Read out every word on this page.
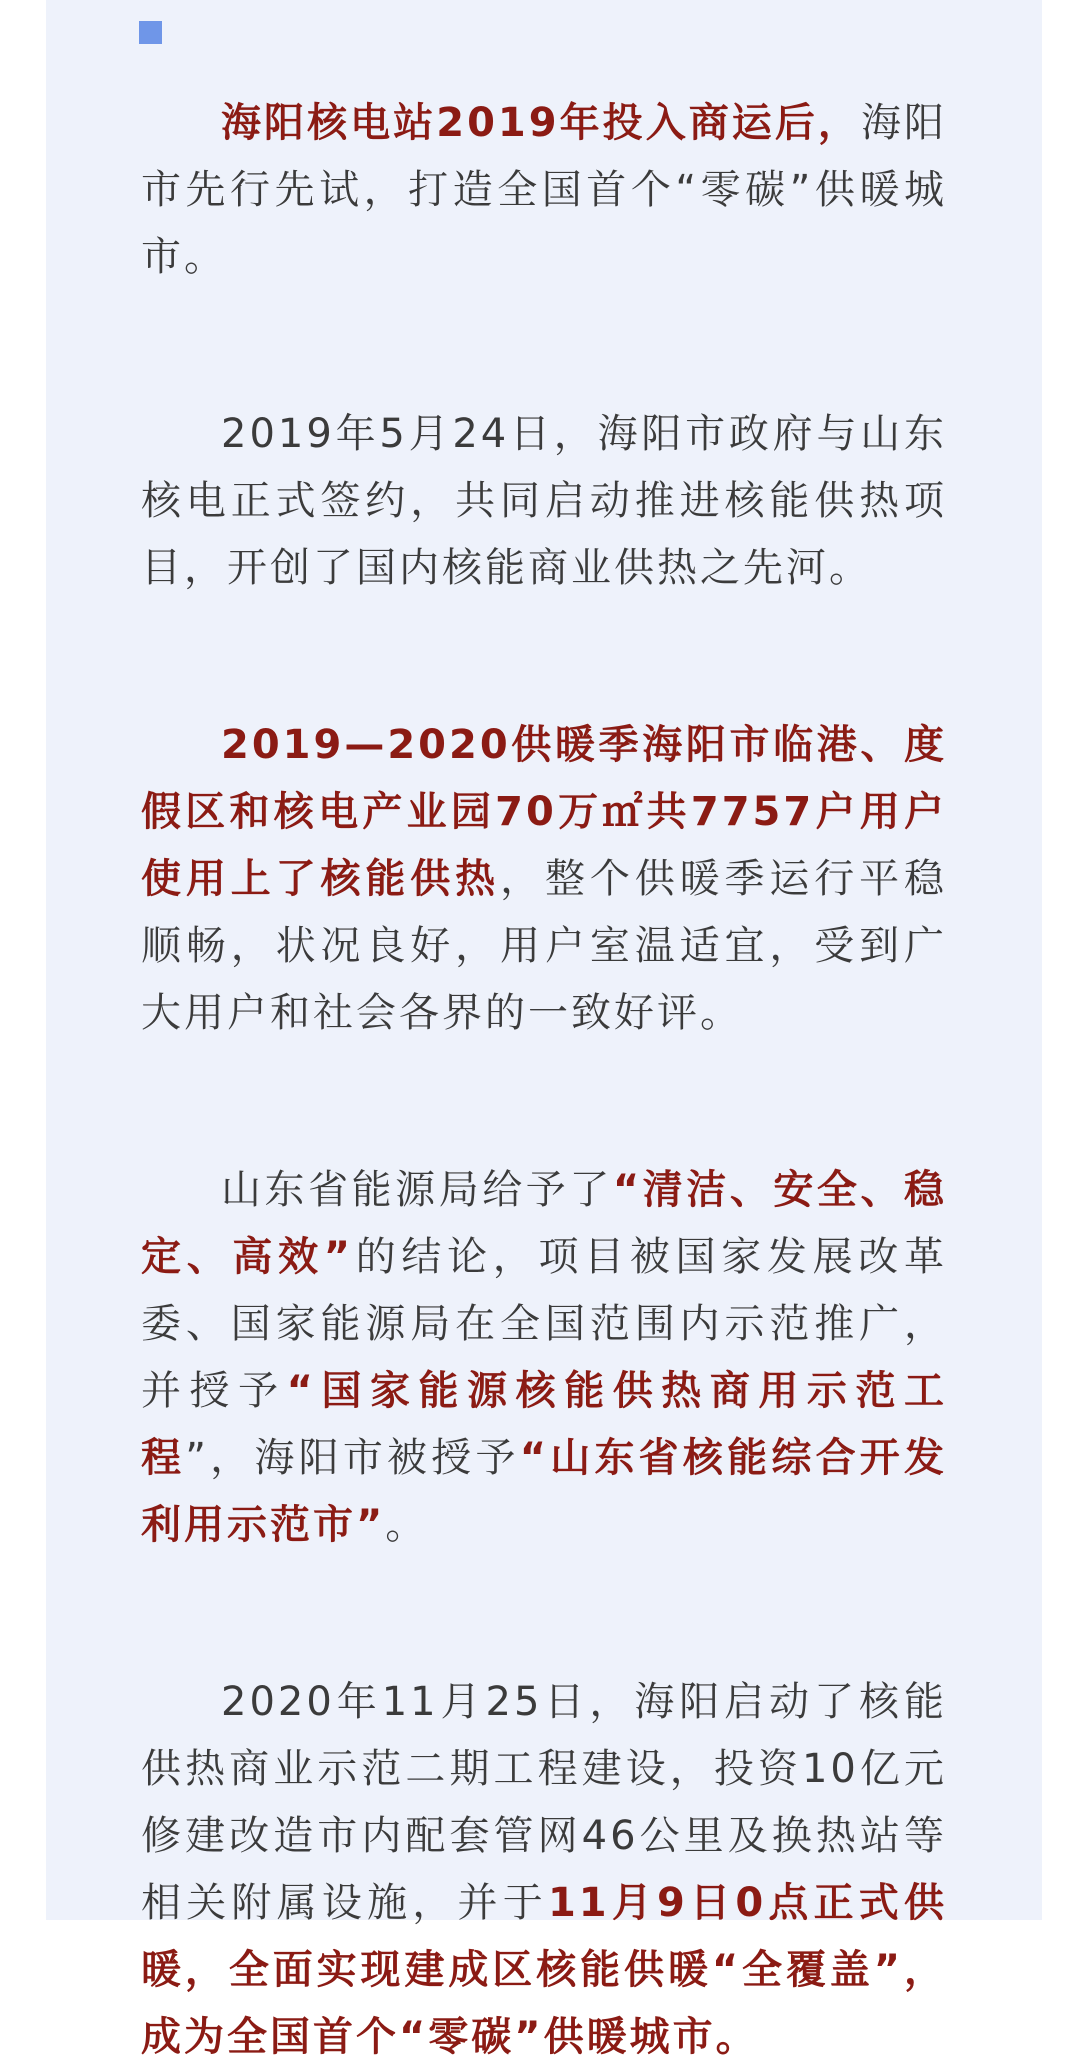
海阳核电站2019年投入商运后，海阳市先行先试，打造全国首个“零碳”供暖城市。

2019年5月24日，海阳市政府与山东核电正式签约，共同启动推进核能供热项目，开创了国内核能商业供热之先河。

2019—2020供暖季海阳市临港、度假区和核电产业园70万㎡共7757户用户使用上了核能供热，整个供暖季运行平稳顺畅，状况良好，用户室温适宜，受到广大用户和社会各界的一致好评。

山东省能源局给予了“清洁、安全、稳定、高效”的结论，项目被国家发展改革委、国家能源局在全国范围内示范推广，并授予“国家能源核能供热商用示范工程”，海阳市被授予“山东省核能综合开发利用示范市”。

2020年11月25日，海阳启动了核能供热商业示范二期工程建设，投资10亿元修建改造市内配套管网46公里及换热站等相关附属设施，并于11月9日0点正式供暖，全面实现建成区核能供暖“全覆盖”，成为全国首个“零碳”供暖城市。
